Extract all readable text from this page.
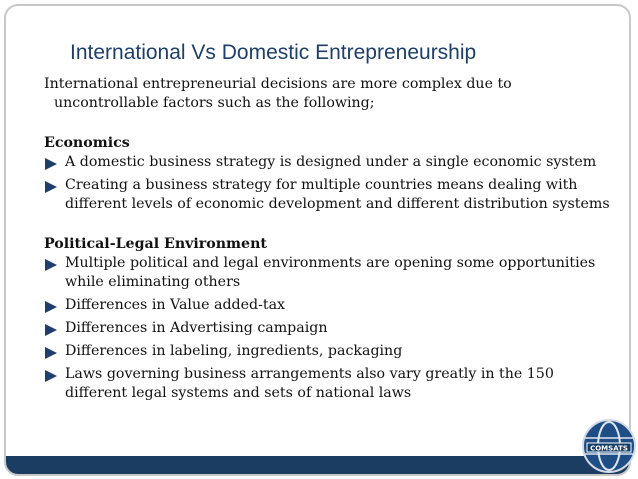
International Vs Domestic Entrepreneurship

International entrepreneurial decisions are more complex due to uncontrollable factors such as the following;

Economics

A domestic business strategy is designed under a single economic system
Creating a business strategy for multiple countries means dealing with different levels of economic development and different distribution systems

Political-Legal Environment

Multiple political and legal environments are opening some opportunities while eliminating others
Differences in Value added-tax
Differences in Advertising campaign
Differences in labeling, ingredients, packaging
Laws governing business arrangements also vary greatly in the 150 different legal systems and sets of national laws
COMSATS
